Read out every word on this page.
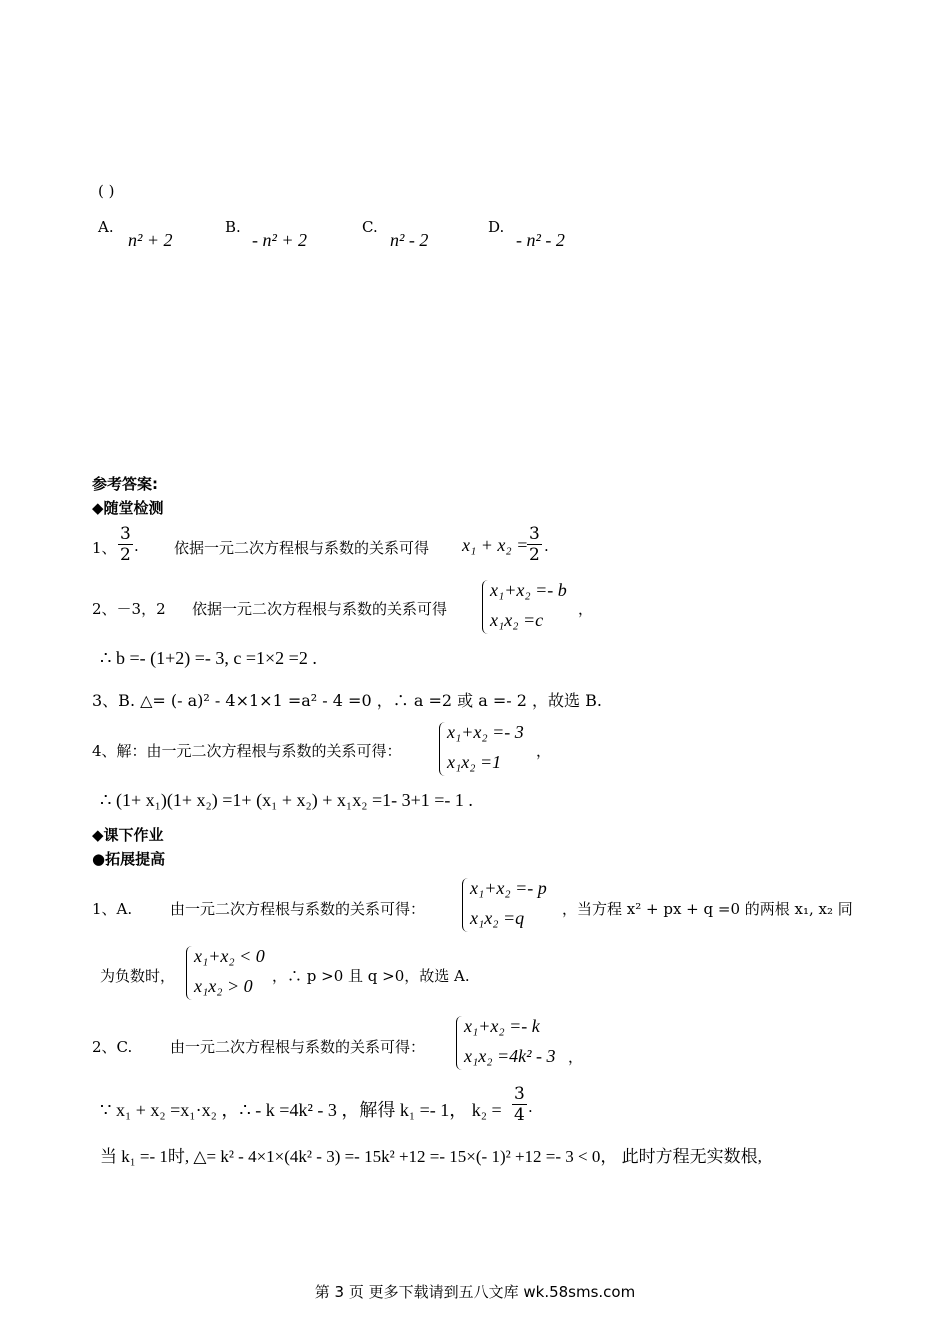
( )
A.
n² + 2
B.
- n² + 2
C.
n² - 2
D.
- n² - 2
参考答案:
◆随堂检测
1、 $\frac{3}{2}$ . 依据一元二次方程根与系数的关系可得 x₁ + x₂ =
$\frac{3}{2}$ .
2、－3，2 依据一元二次方程根与系数的关系可得
x₁+x₂ =- b
x₁x₂ =c
，
∴ b =- (1+2) =- 3, c =1×2 =2 .
3、B. △= (- a)² - 4×1×1 =a² - 4 =0 ，∴ a =2 或 a =- 2 ，故选 B.
4、解：由一元二次方程根与系数的关系可得：
x₁+x₂ =- 3
x₁x₂ =1
，
∴ (1+ x₁)(1+ x₂) =1+ (x₁ + x₂) + x₁x₂ =1- 3+1 =- 1 .
◆课下作业
●拓展提高
1、A.	由一元二次方程根与系数的关系可得：
x₁+x₂ =- p
x₁x₂ =q	，当方程 x² + px + q =0 的两根 x₁, x₂ 同
为负数时，
x₁+x₂ < 0
x₁x₂ > 0 ，∴ p >0 且 q >0，故选 A.
2、C.	由一元二次方程根与系数的关系可得：
x₁+x₂ =- k
x₁x₂ =4k² - 3 ，
∵ x₁ + x₂ =x₁·x₂ ，∴ - k =4k² - 3 ，解得 k₁ =- 1， $k_2 = \frac{3}{4}$ .
当 k₁ =- 1时, △= k² - 4×1×(4k² - 3) =- 15k² +12 =- 15×(- 1)² +12 =- 3 < 0， 此时方程无实数根,
第 3 页 更多下载请到五八文库 wk.58sms.com
